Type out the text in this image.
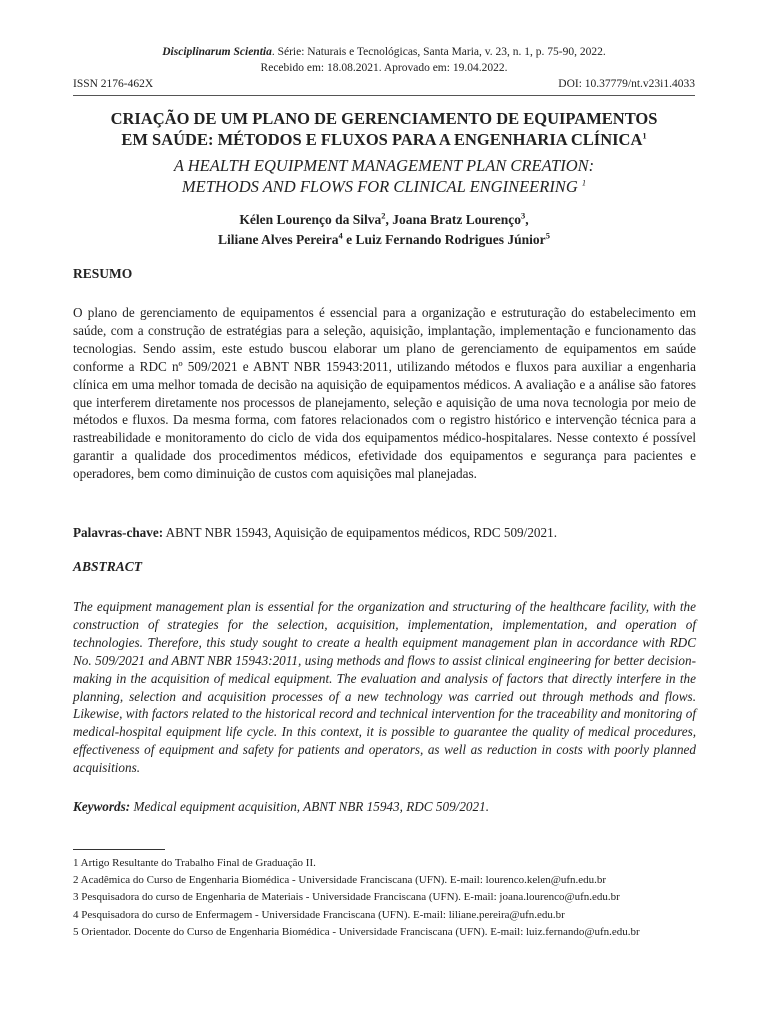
Disciplinarum Scientia. Série: Naturais e Tecnológicas, Santa Maria, v. 23, n. 1, p. 75-90, 2022.
Recebido em: 18.08.2021. Aprovado em: 19.04.2022.
ISSN 2176-462X	DOI: 10.37779/nt.v23i1.4033
CRIAÇÃO DE UM PLANO DE GERENCIAMENTO DE EQUIPAMENTOS
EM SAÚDE: MÉTODOS E FLUXOS PARA A ENGENHARIA CLÍNICA$^1$
A HEALTH EQUIPMENT MANAGEMENT PLAN CREATION:
METHODS AND FLOWS FOR CLINICAL ENGINEERING $^1$
Kélen Lourenço da Silva$^2$, Joana Bratz Lourenço$^3$,
Liliane Alves Pereira$^4$ e Luiz Fernando Rodrigues Júnior$^5$
RESUMO

O plano de gerenciamento de equipamentos é essencial para a organização e estruturação do estabelecimento em saúde, com a construção de estratégias para a seleção, aquisição, implantação, implementação e funcionamento das tecnologias. Sendo assim, este estudo buscou elaborar um plano de gerenciamento de equipamentos em saúde conforme a RDC nº 509/2021 e ABNT NBR 15943:2011, utilizando métodos e fluxos para auxiliar a engenharia clínica em uma melhor tomada de decisão na aquisição de equipamentos médicos. A avaliação e a análise são fatores que interferem diretamente nos processos de planejamento, seleção e aquisição de uma nova tecnologia por meio de métodos e fluxos. Da mesma forma, com fatores relacionados com o registro histórico e intervenção técnica para a rastreabilidade e monitoramento do ciclo de vida dos equipamentos médico-hospitalares. Nesse contexto é possível garantir a qualidade dos procedimentos médicos, efetividade dos equipamentos e segurança para pacientes e operadores, bem como diminuição de custos com aquisições mal planejadas.

Palavras-chave: ABNT NBR 15943, Aquisição de equipamentos médicos, RDC 509/2021.
ABSTRACT

The equipment management plan is essential for the organization and structuring of the healthcare facility, with the construction of strategies for the selection, acquisition, implementation, implementation, and operation of technologies. Therefore, this study sought to create a health equipment management plan in accordance with RDC No. 509/2021 and ABNT NBR 15943:2011, using methods and flows to assist clinical engineering for better decision-making in the acquisition of medical equipment. The evaluation and analysis of factors that directly interfere in the planning, selection and acquisition processes of a new technology was carried out through methods and flows. Likewise, with factors related to the historical record and technical intervention for the traceability and monitoring of medical-hospital equipment life cycle. In this context, it is possible to guarantee the quality of medical procedures, effectiveness of equipment and safety for patients and operators, as well as reduction in costs with poorly planned acquisitions.

Keywords: Medical equipment acquisition, ABNT NBR 15943, RDC 509/2021.
1 Artigo Resultante do Trabalho Final de Graduação II.
2 Acadêmica do Curso de Engenharia Biomédica - Universidade Franciscana (UFN). E-mail: lourenco.kelen@ufn.edu.br
3 Pesquisadora do curso de Engenharia de Materiais - Universidade Franciscana (UFN). E-mail: joana.lourenco@ufn.edu.br
4 Pesquisadora do curso de Enfermagem - Universidade Franciscana (UFN). E-mail: liliane.pereira@ufn.edu.br
5 Orientador. Docente do Curso de Engenharia Biomédica - Universidade Franciscana (UFN). E-mail: luiz.fernando@ufn.edu.br
